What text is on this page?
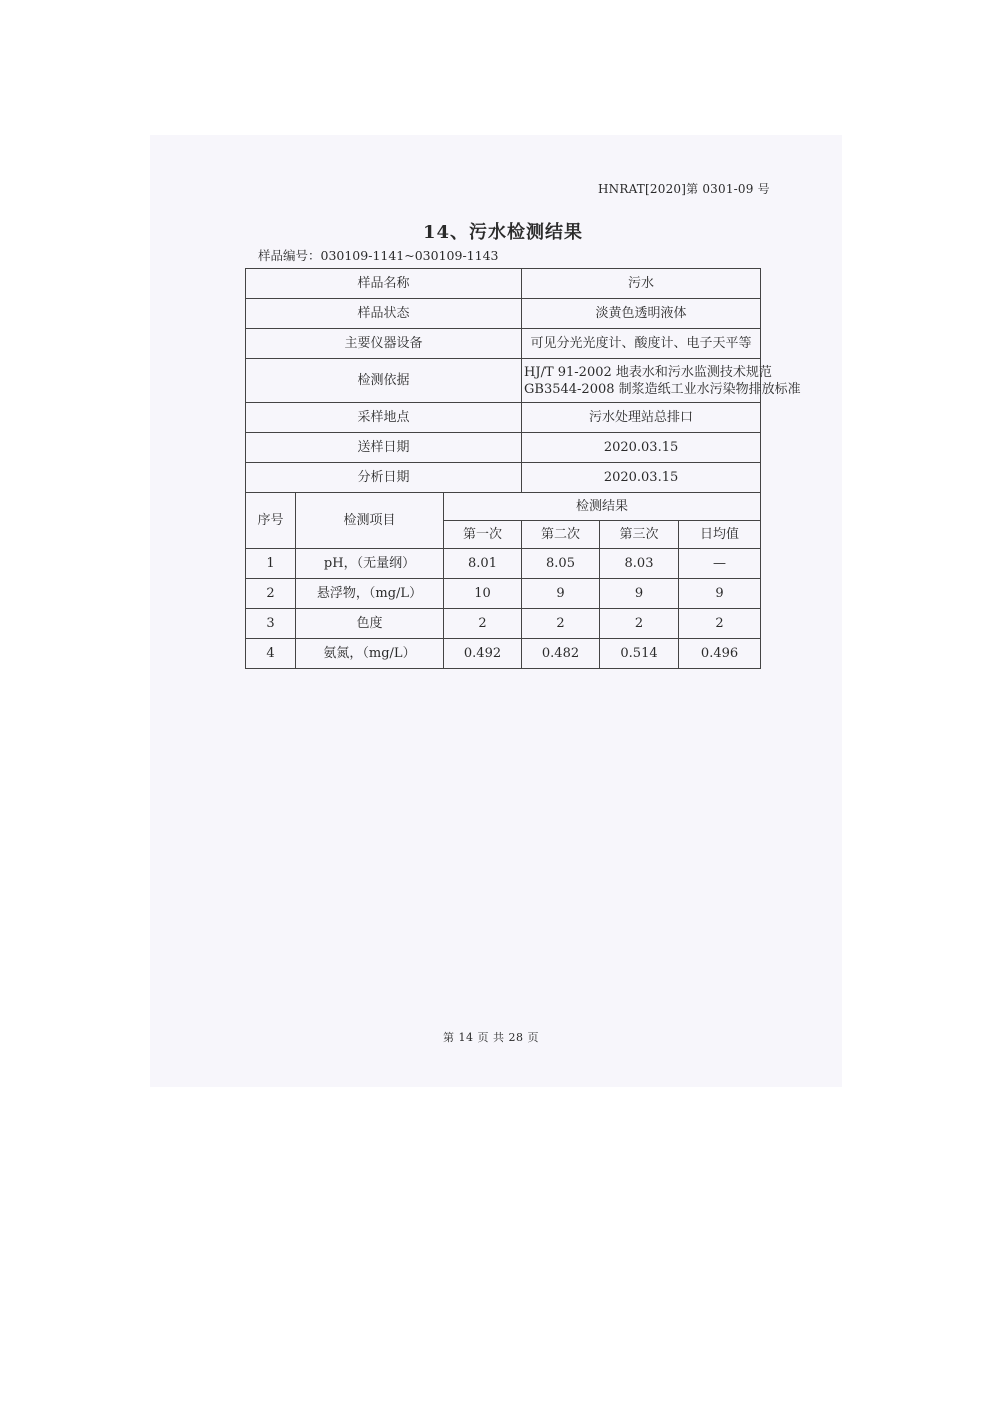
HNRAT[2020]第 0301-09 号
14、污水检测结果
样品编号：030109-1141~030109-1143
样品名称			污水		
样品状态			淡黄色透明液体		
主要仪器设备			可见分光光度计、酸度计、电子天平等		
检测依据			HJ/T 91-2002 地表水和污水监测技术规范
GB3544-2008 制浆造纸工业水污染物排放标准		

采样地点			污水处理站总排口		
送样日期			2020.03.15		
分析日期			2020.03.15		
序号	检测项目	检测结果			
		第一次	第二次	第三次	日均值
1	pH，（无量纲）	8.01	8.05	8.03	—
2	悬浮物，（mg/L）	10	9	9	9
3	色度	2	2	2	2
4	氨氮，（mg/L）	0.492	0.482	0.514	0.496
第 14 页 共 28 页
